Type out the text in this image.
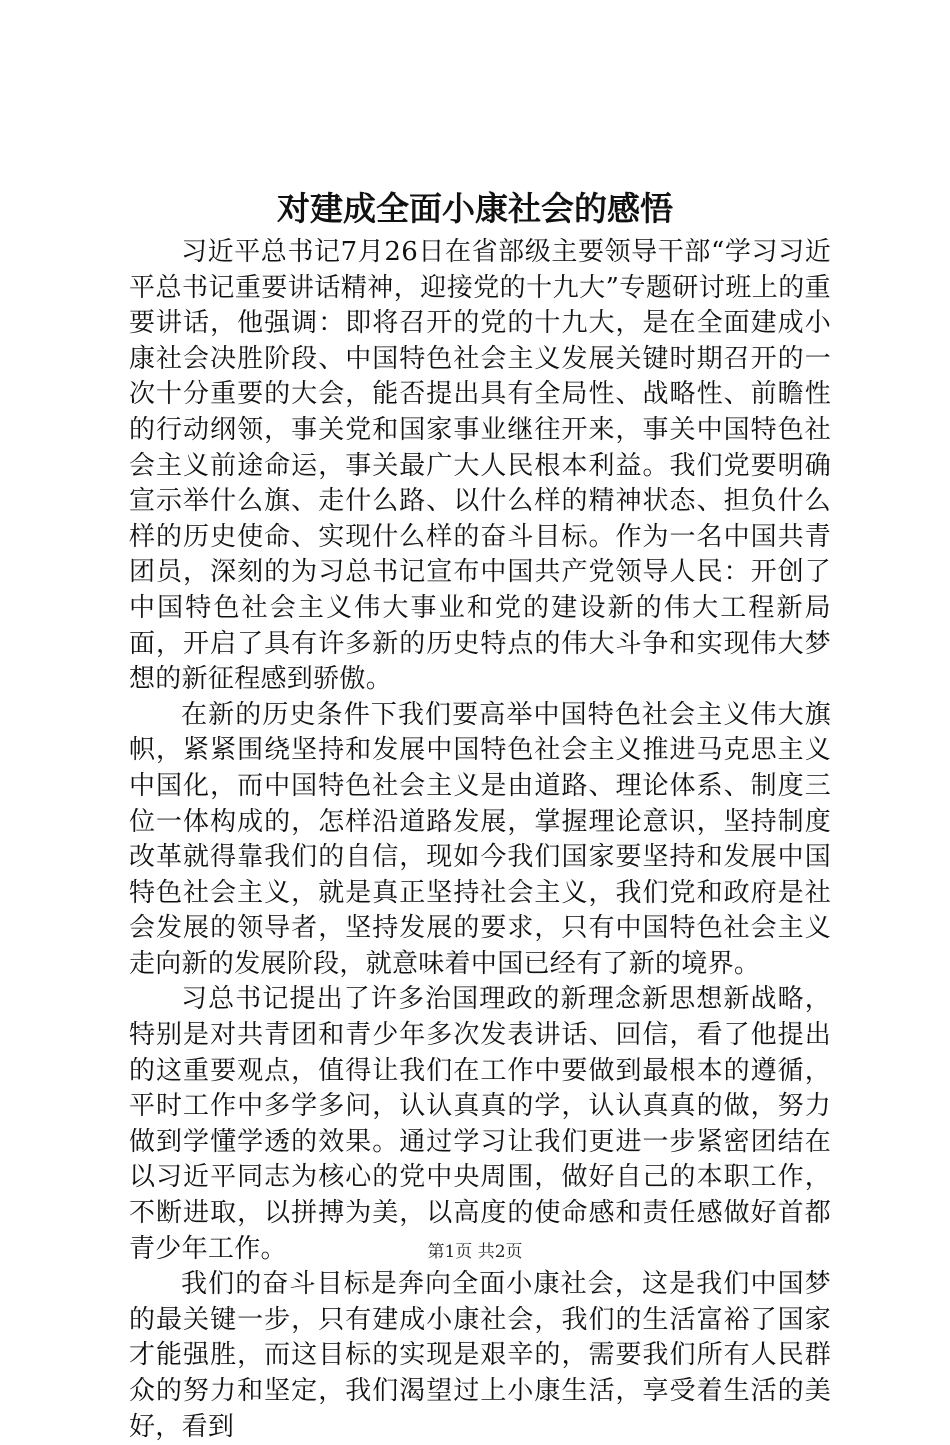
对建成全面小康社会的感悟

习近平总书记7月26日在省部级主要领导干部“学习习近平总书记重要讲话精神，迎接党的十九大”专题研讨班上的重要讲话，他强调：即将召开的党的十九大，是在全面建成小康社会决胜阶段、中国特色社会主义发展关键时期召开的一次十分重要的大会，能否提出具有全局性、战略性、前瞻性的行动纲领，事关党和国家事业继往开来，事关中国特色社会主义前途命运，事关最广大人民根本利益。我们党要明确宣示举什么旗、走什么路、以什么样的精神状态、担负什么样的历史使命、实现什么样的奋斗目标。作为一名中国共青团员，深刻的为习总书记宣布中国共产党领导人民：开创了中国特色社会主义伟大事业和党的建设新的伟大工程新局面，开启了具有许多新的历史特点的伟大斗争和实现伟大梦想的新征程感到骄傲。

在新的历史条件下我们要高举中国特色社会主义伟大旗帜，紧紧围绕坚持和发展中国特色社会主义推进马克思主义中国化，而中国特色社会主义是由道路、理论体系、制度三位一体构成的，怎样沿道路发展，掌握理论意识，坚持制度改革就得靠我们的自信，现如今我们国家要坚持和发展中国特色社会主义，就是真正坚持社会主义，我们党和政府是社会发展的领导者，坚持发展的要求，只有中国特色社会主义走向新的发展阶段，就意味着中国已经有了新的境界。

习总书记提出了许多治国理政的新理念新思想新战略，特别是对共青团和青少年多次发表讲话、回信，看了他提出的这重要观点，值得让我们在工作中要做到最根本的遵循，平时工作中多学多问，认认真真的学，认认真真的做，努力做到学懂学透的效果。通过学习让我们更进一步紧密团结在以习近平同志为核心的党中央周围，做好自己的本职工作，不断进取，以拼搏为美，以高度的使命感和责任感做好首都青少年工作。

我们的奋斗目标是奔向全面小康社会，这是我们中国梦的最关键一步，只有建成小康社会，我们的生活富裕了国家才能强胜，而这目标的实现是艰辛的，需要我们所有人民群众的努力和坚定，我们渴望过上小康生活，享受着生活的美好，看到

第1页 共2页
